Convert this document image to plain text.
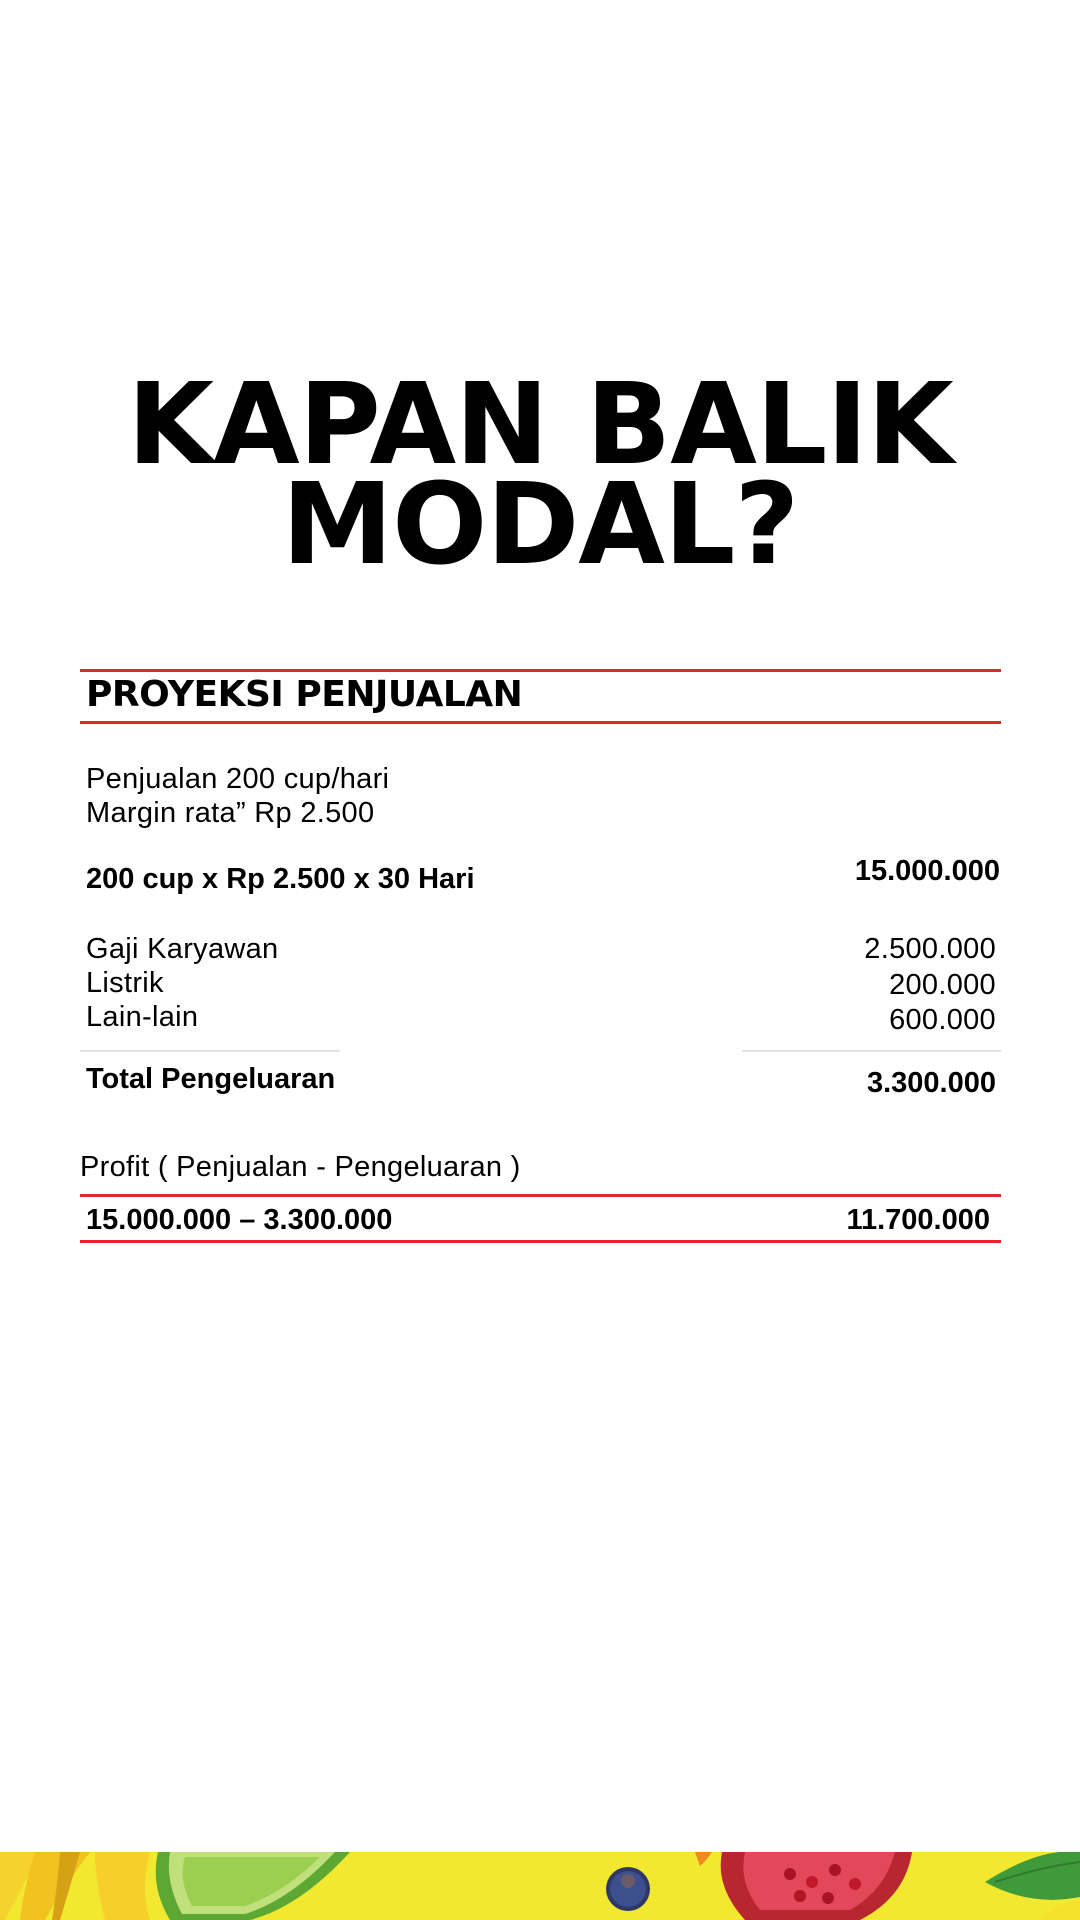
KAPAN BALIK
MODAL?
PROYEKSI PENJUALAN
Penjualan 200 cup/hari
Margin rata” Rp 2.500
200 cup x Rp 2.500 x 30 Hari	15.000.000
Gaji Karyawan	2.500.000
Listrik	200.000
Lain-lain	600.000
Total Pengeluaran	3.300.000
Profit ( Penjualan - Pengeluaran )
15.000.000 – 3.300.000	11.700.000
